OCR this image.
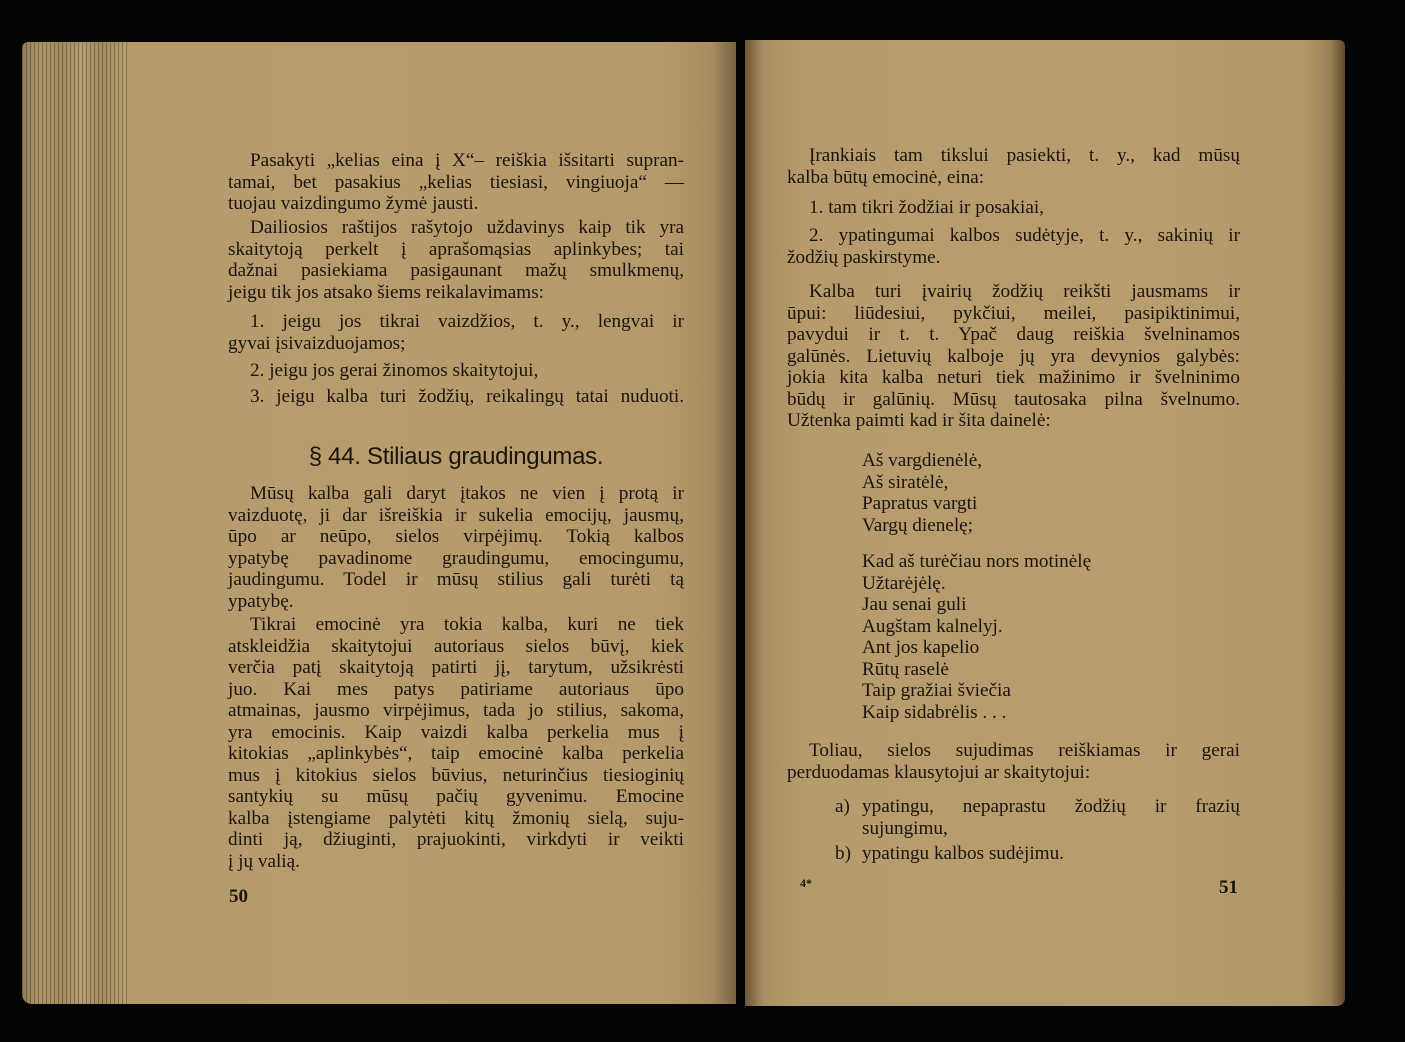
Pasakyti „kelias eina į X“– reiškia išsitarti supran-
tamai, bet pasakius „kelias tiesiasi, vingiuoja“ —
tuojau vaizdingumo žymė jausti.
Dailiosios raštijos rašytojo uždavinys kaip tik yra
skaitytoją perkelt į aprašomąsias aplinkybes; tai
dažnai pasiekiama pasigaunant mažų smulkmenų,
jeigu tik jos atsako šiems reikalavimams:
1. jeigu jos tikrai vaizdžios, t. y., lengvai ir
gyvai įsivaizduojamos;
2. jeigu jos gerai žinomos skaitytojui,
3. jeigu kalba turi žodžių, reikalingų tatai nuduoti.
§ 44. Stiliaus graudingumas.
Mūsų kalba gali daryt įtakos ne vien į protą ir
vaizduotę, ji dar išreiškia ir sukelia emocijų, jausmų,
ūpo ar neūpo, sielos virpėjimų. Tokią kalbos
ypatybę pavadinome graudingumu, emocingumu,
jaudingumu. Todel ir mūsų stilius gali turėti tą
ypatybę.
Tikrai emocinė yra tokia kalba, kuri ne tiek
atskleidžia skaitytojui autoriaus sielos būvį, kiek
verčia patį skaitytoją patirti jį, tarytum, užsikrėsti
juo. Kai mes patys patiriame autoriaus ūpo
atmainas, jausmo virpėjimus, tada jo stilius, sakoma,
yra emocinis. Kaip vaizdi kalba perkelia mus į
kitokias „aplinkybės“, taip emocinė kalba perkelia
mus į kitokius sielos būvius, neturinčius tiesioginių
santykių su mūsų pačių gyvenimu. Emocine
kalba įstengiame palytėti kitų žmonių sielą, suju-
dinti ją, džiuginti, prajuokinti, virkdyti ir veikti
į jų valią.
50
Įrankiais tam tikslui pasiekti, t. y., kad mūsų
kalba būtų emocinė, eina:
1. tam tikri žodžiai ir posakiai,
2. ypatingumai kalbos sudėtyje, t. y., sakinių ir
žodžių paskirstyme.
Kalba turi įvairių žodžių reikšti jausmams ir
ūpui: liūdesiui, pykčiui, meilei, pasipiktinimui,
pavydui ir t. t. Ypač daug reiškia švelninamos
galūnės. Lietuvių kalboje jų yra devynios galybės:
jokia kita kalba neturi tiek mažinimo ir švelninimo
būdų ir galūnių. Mūsų tautosaka pilna švelnumo.
Užtenka paimti kad ir šita dainelė:
Aš vargdienėlė,
Aš siratėlė,
Papratus vargti
Vargų dienelę;
Kad aš turėčiau nors motinėlę
Užtarėjėlę.
Jau senai guli
Augštam kalnelyj.
Ant jos kapelio
Rūtų raselė
Taip gražiai šviečia
Kaip sidabrėlis . . .
Toliau, sielos sujudimas reiškiamas ir gerai
perduodamas klausytojui ar skaitytojui:
a) ypatingu, nepaprastu žodžių ir frazių
sujungimu,
b) ypatingu kalbos sudėjimu.
4*	51
